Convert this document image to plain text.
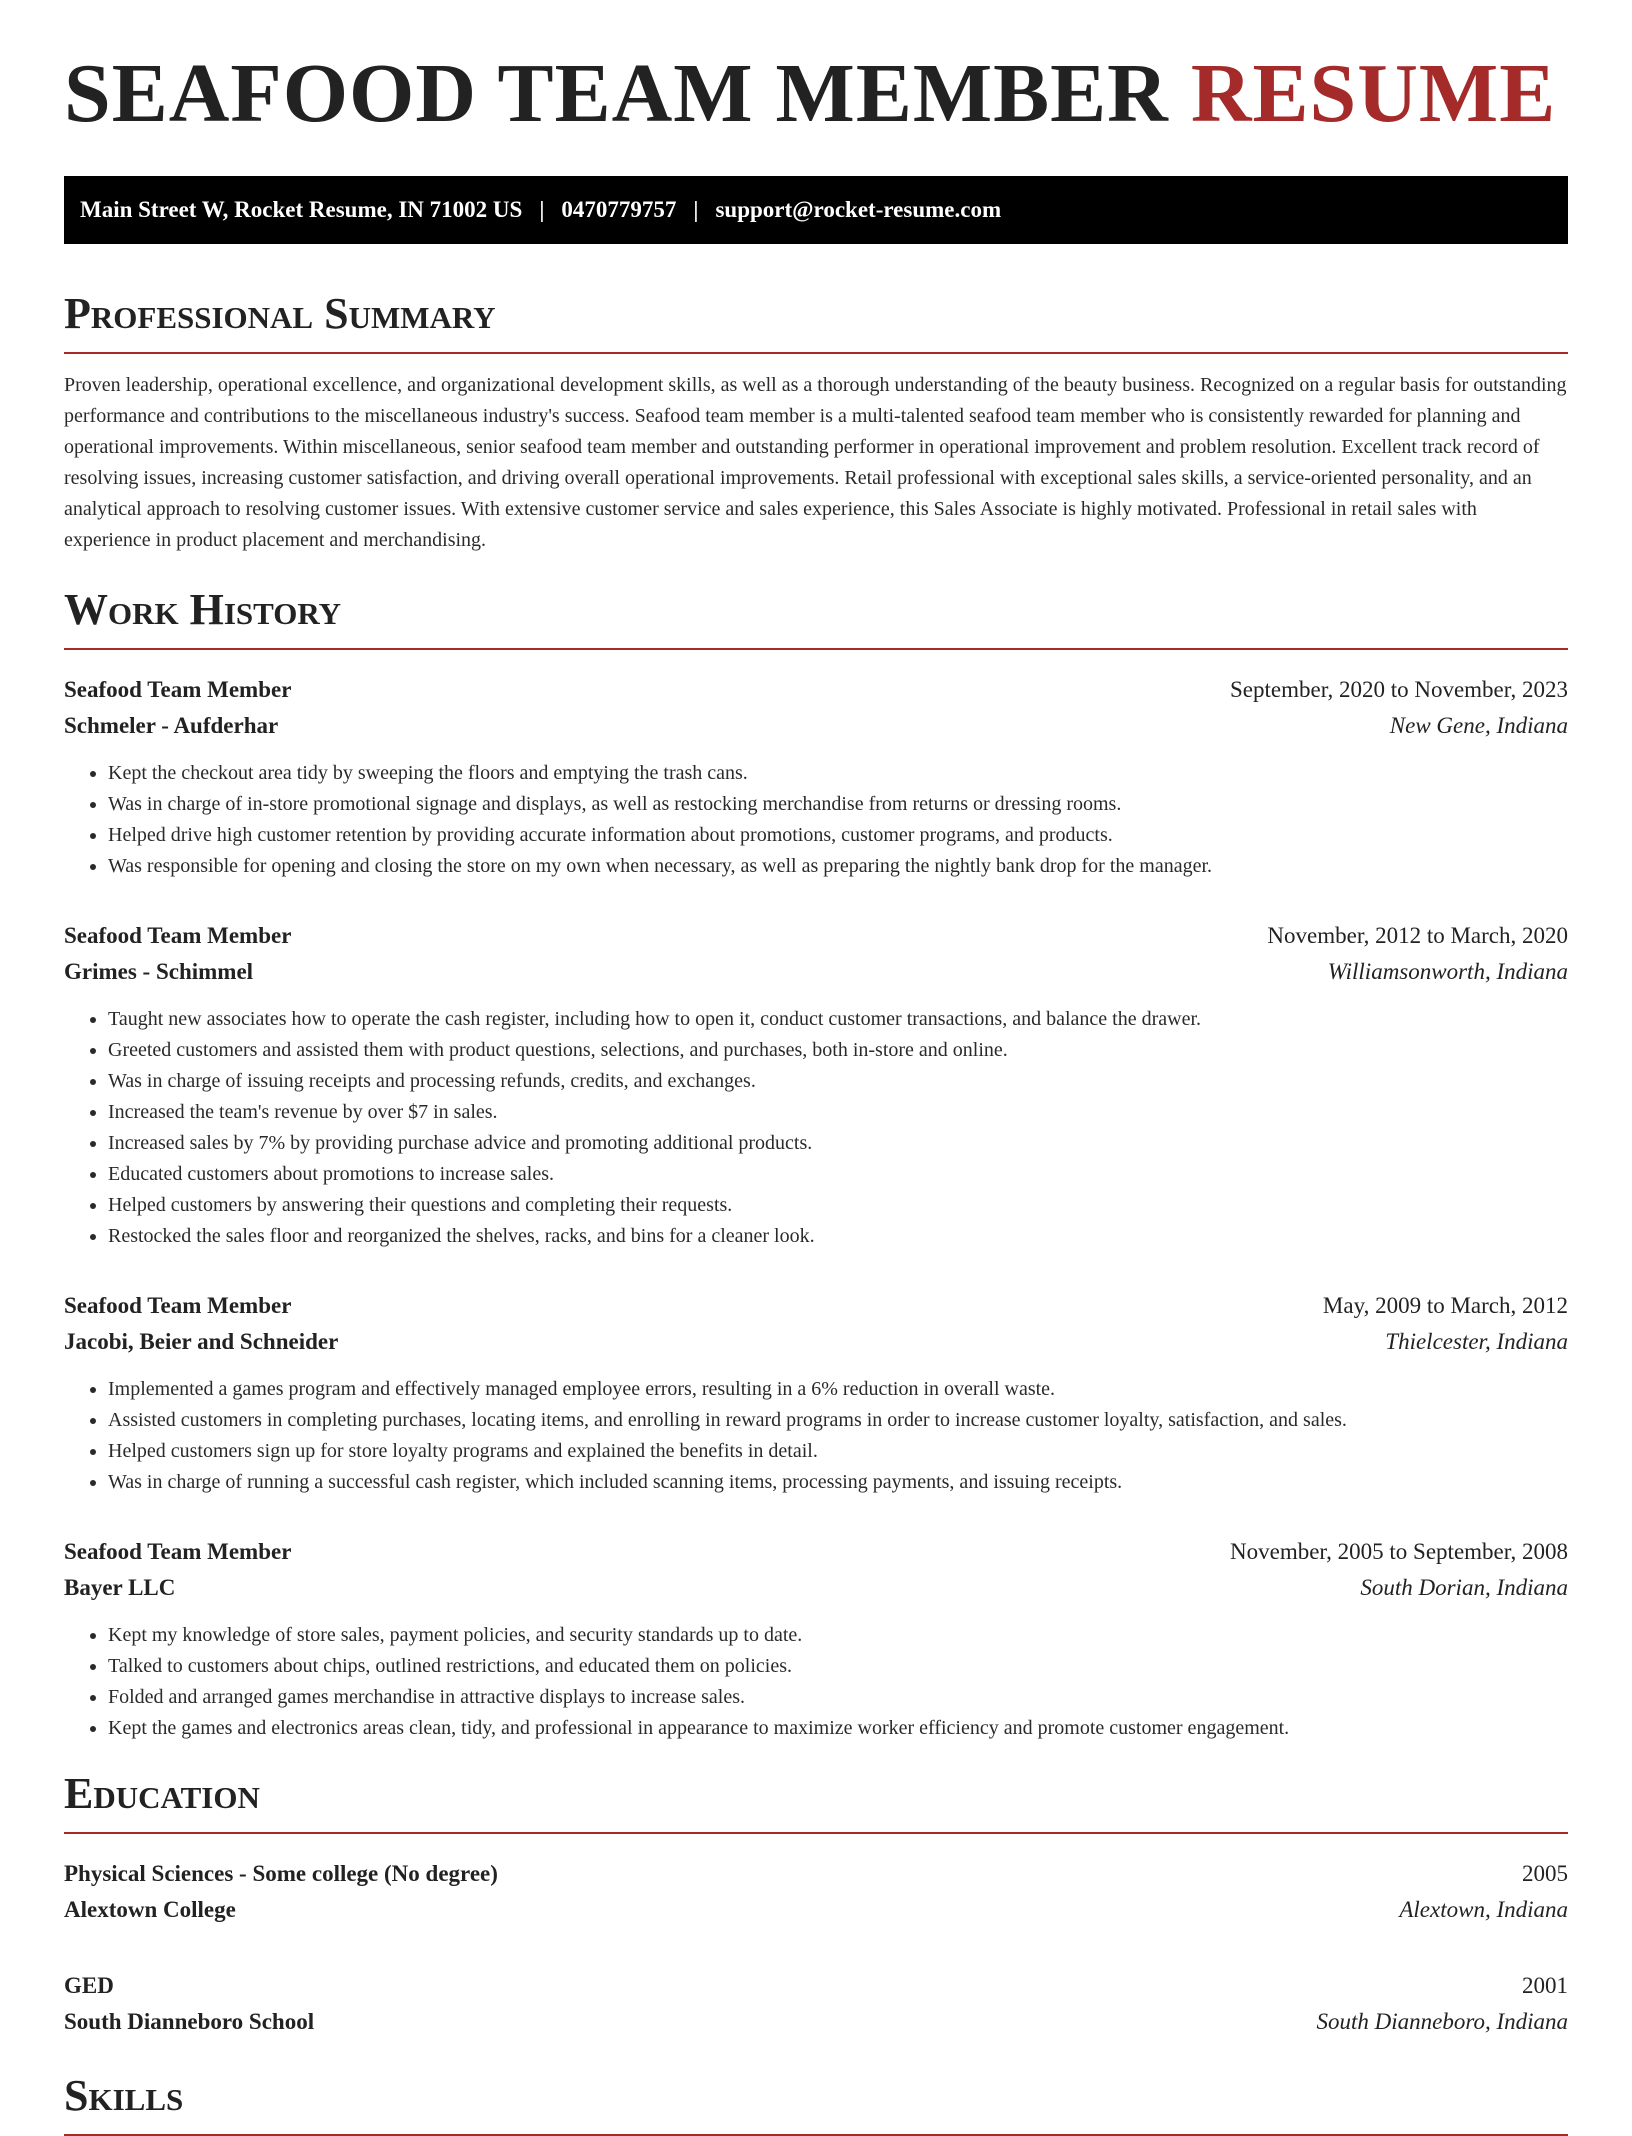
SEAFOOD TEAM MEMBER RESUME
Main Street W, Rocket Resume, IN 71002 US | 0470779757 | support@rocket-resume.com
Professional Summary

Proven leadership, operational excellence, and organizational development skills, as well as a thorough understanding of the beauty business. Recognized on a regular basis for outstanding performance and contributions to the miscellaneous industry's success. Seafood team member is a multi-talented seafood team member who is consistently rewarded for planning and operational improvements. Within miscellaneous, senior seafood team member and outstanding performer in operational improvement and problem resolution. Excellent track record of resolving issues, increasing customer satisfaction, and driving overall operational improvements. Retail professional with exceptional sales skills, a service-oriented personality, and an analytical approach to resolving customer issues. With extensive customer service and sales experience, this Sales Associate is highly motivated. Professional in retail sales with experience in product placement and merchandising.

Work History
Seafood Team Member	September, 2020 to November, 2023
Schmeler - Aufderhar	New Gene, Indiana
• Kept the checkout area tidy by sweeping the floors and emptying the trash cans.
• Was in charge of in-store promotional signage and displays, as well as restocking merchandise from returns or dressing rooms.
• Helped drive high customer retention by providing accurate information about promotions, customer programs, and products.
• Was responsible for opening and closing the store on my own when necessary, as well as preparing the nightly bank drop for the manager.
Seafood Team Member	November, 2012 to March, 2020
Grimes - Schimmel	Williamsonworth, Indiana
• Taught new associates how to operate the cash register, including how to open it, conduct customer transactions, and balance the drawer.
• Greeted customers and assisted them with product questions, selections, and purchases, both in-store and online.
• Was in charge of issuing receipts and processing refunds, credits, and exchanges.
• Increased the team's revenue by over $7 in sales.
• Increased sales by 7% by providing purchase advice and promoting additional products.
• Educated customers about promotions to increase sales.
• Helped customers by answering their questions and completing their requests.
• Restocked the sales floor and reorganized the shelves, racks, and bins for a cleaner look.
Seafood Team Member	May, 2009 to March, 2012
Jacobi, Beier and Schneider	Thielcester, Indiana
• Implemented a games program and effectively managed employee errors, resulting in a 6% reduction in overall waste.
• Assisted customers in completing purchases, locating items, and enrolling in reward programs in order to increase customer loyalty, satisfaction, and sales.
• Helped customers sign up for store loyalty programs and explained the benefits in detail.
• Was in charge of running a successful cash register, which included scanning items, processing payments, and issuing receipts.
Seafood Team Member	November, 2005 to September, 2008
Bayer LLC	South Dorian, Indiana
• Kept my knowledge of store sales, payment policies, and security standards up to date.
• Talked to customers about chips, outlined restrictions, and educated them on policies.
• Folded and arranged games merchandise in attractive displays to increase sales.
• Kept the games and electronics areas clean, tidy, and professional in appearance to maximize worker efficiency and promote customer engagement.
Education
Physical Sciences - Some college (No degree)	2005
Alextown College	Alextown, Indiana
GED	2001
South Dianneboro School	South Dianneboro, Indiana
Skills
